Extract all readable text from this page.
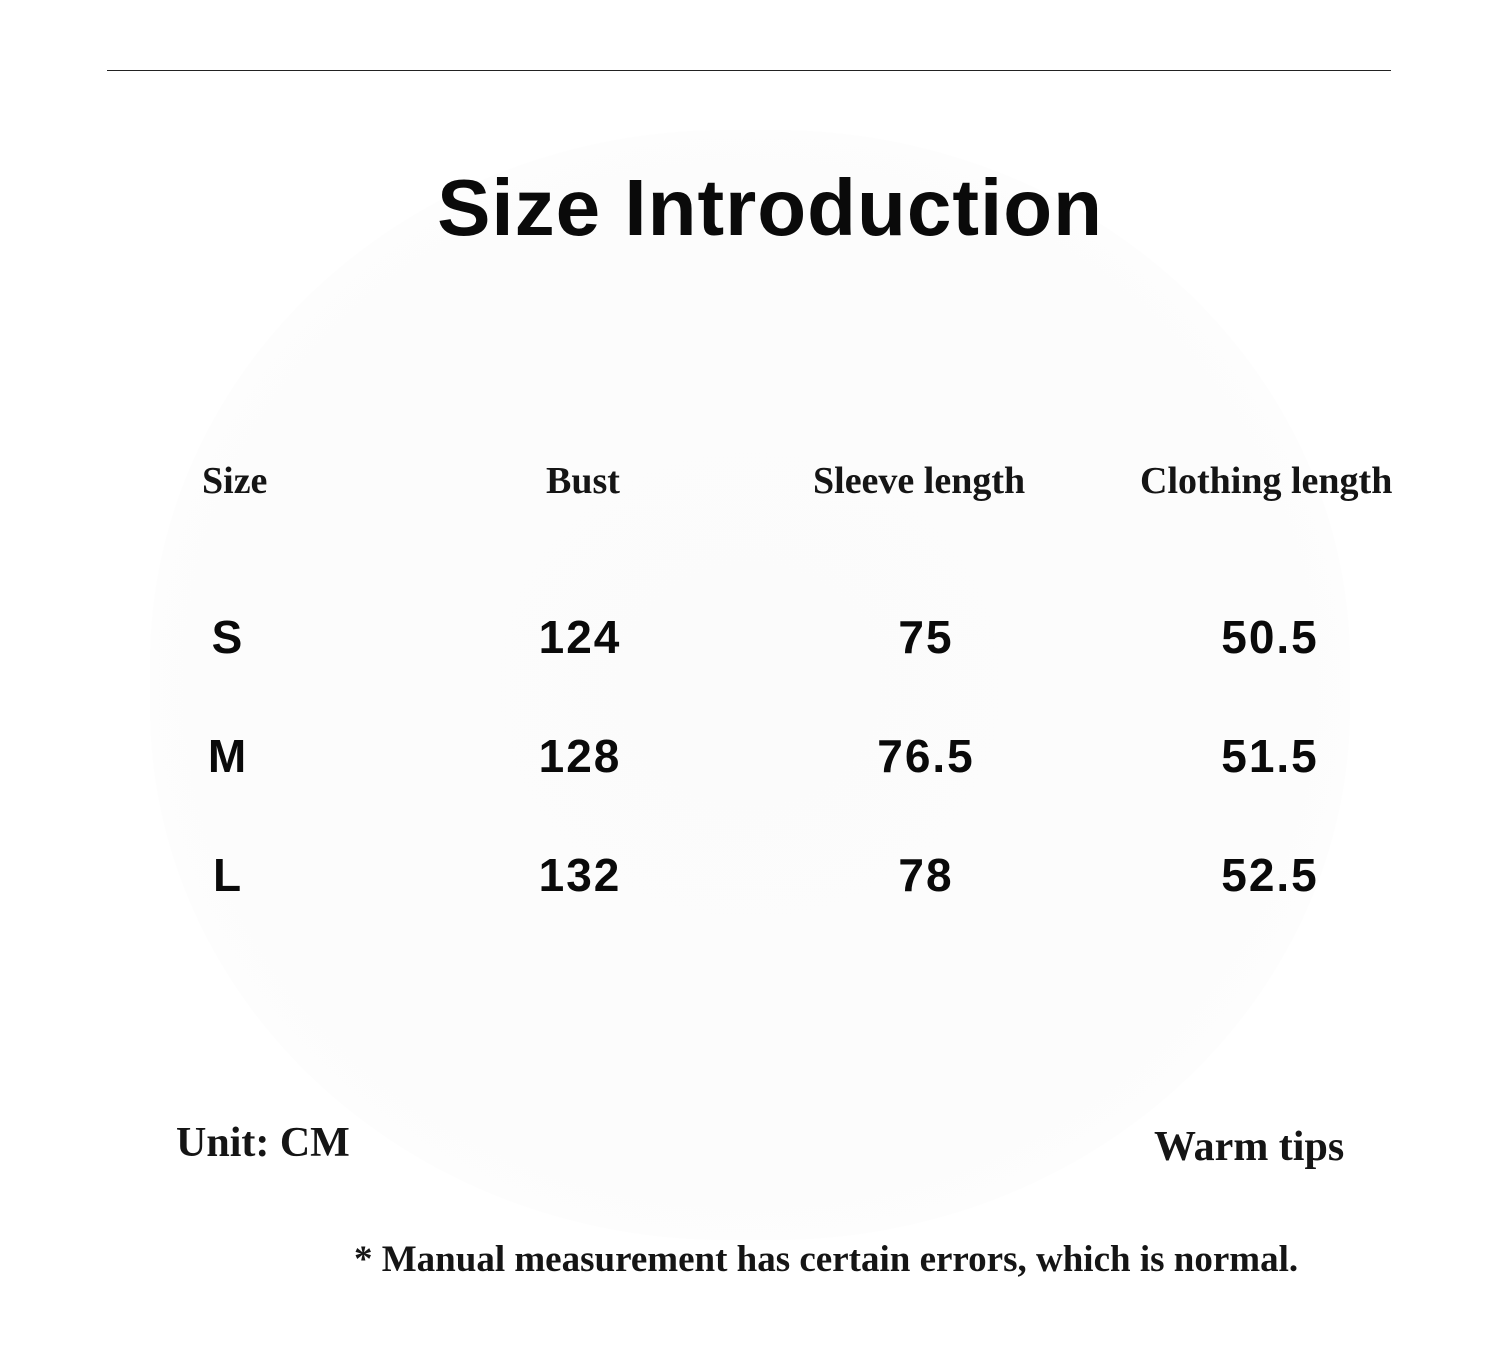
Size Introduction
Size	Bust	Sleeve length	Clothing length
S	124	75	50.5
M	128	76.5	51.5
L	132	78	52.5
Unit: CM	Warm tips
* Manual measurement has certain errors, which is normal.
